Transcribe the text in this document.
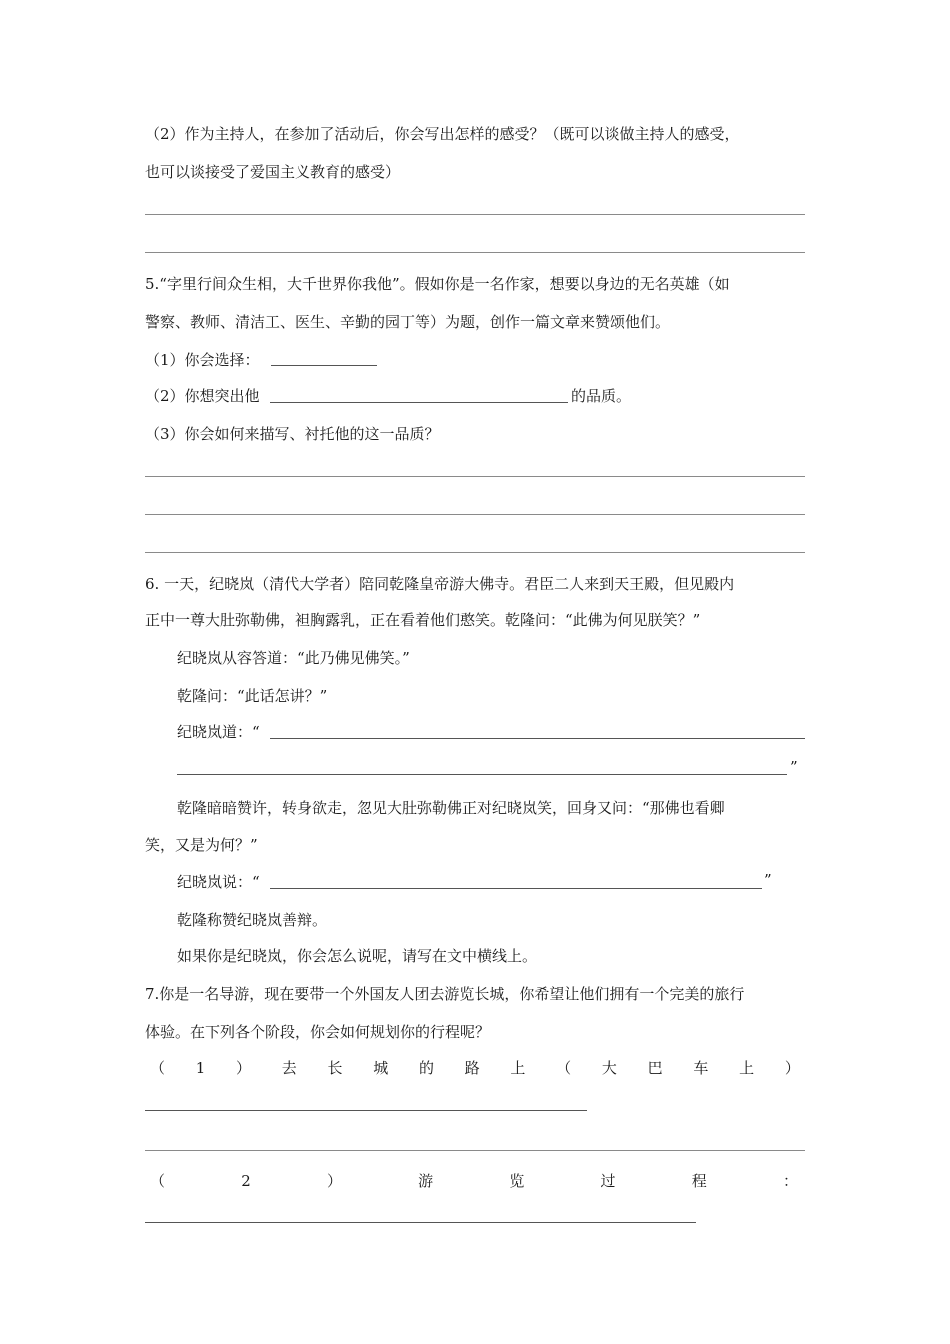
（2）作为主持人，在参加了活动后，你会写出怎样的感受？（既可以谈做主持人的感受，
也可以谈接受了爱国主义教育的感受）
5.“字里行间众生相，大千世界你我他”。假如你是一名作家，想要以身边的无名英雄（如
警察、教师、清洁工、医生、辛勤的园丁等）为题，创作一篇文章来赞颂他们。
（1）你会选择：
（2）你想突出他	的品质。
（3）你会如何来描写、衬托他的这一品质？
6. 一天，纪晓岚（清代大学者）陪同乾隆皇帝游大佛寺。君臣二人来到天王殿，但见殿内
正中一尊大肚弥勒佛，袒胸露乳，正在看着他们憨笑。乾隆问：“此佛为何见朕笑？”
纪晓岚从容答道：“此乃佛见佛笑。”
乾隆问：“此话怎讲？”
纪晓岚道：“
”
乾隆暗暗赞许，转身欲走，忽见大肚弥勒佛正对纪晓岚笑，回身又问：“那佛也看卿
笑，又是为何？”
纪晓岚说：“	”
乾隆称赞纪晓岚善辩。
如果你是纪晓岚，你会怎么说呢，请写在文中横线上。
7.你是一名导游，现在要带一个外国友人团去游览长城，你希望让他们拥有一个完美的旅行
体验。在下列各个阶段，你会如何规划你的行程呢？
（ 1 ） 去 长 城 的 路 上 （ 大 巴 车 上 ）
（	2	）	游	览	过	程	：
